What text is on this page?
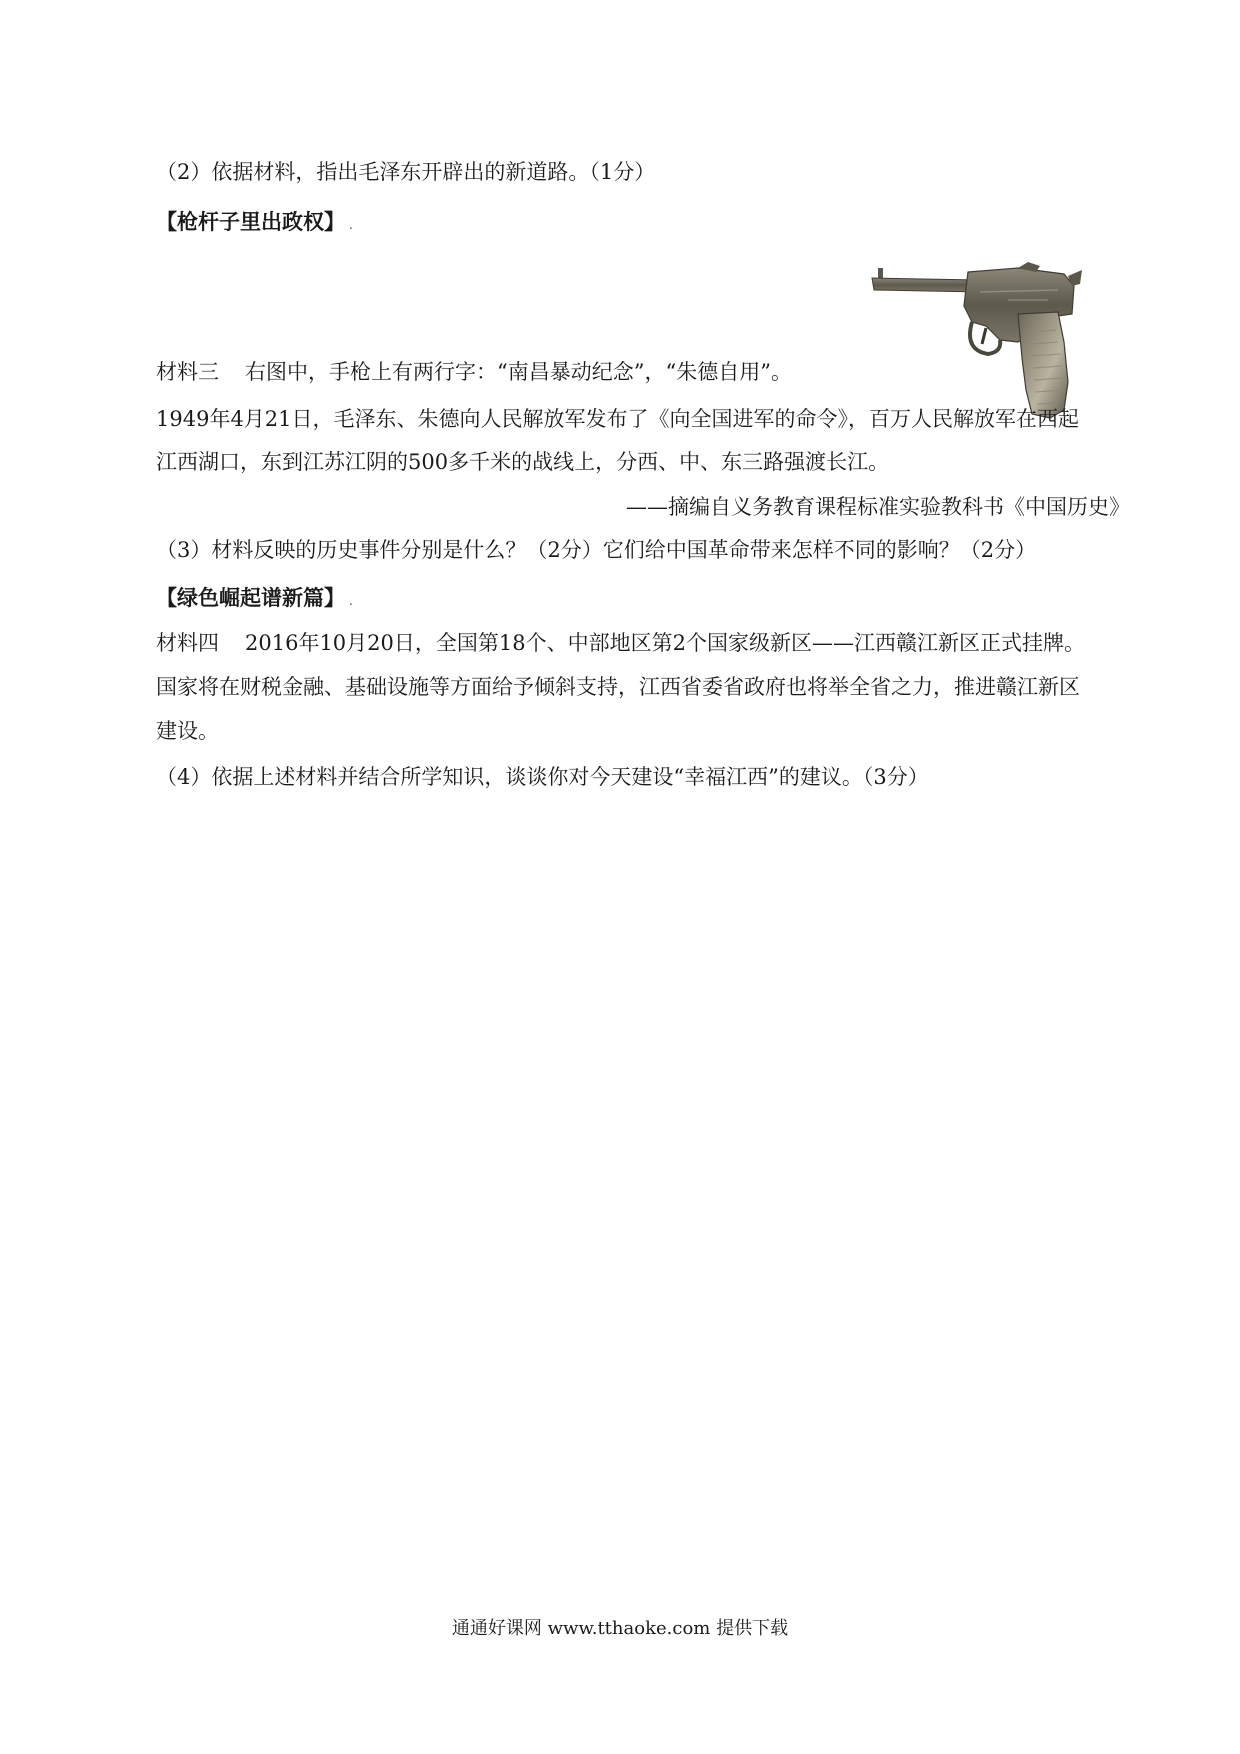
（2）依据材料，指出毛泽东开辟出的新道路。（1分）
【枪杆子里出政权】 .
材料三 右图中，手枪上有两行字：“南昌暴动纪念”，“朱德自用”。
1949年4月21日，毛泽东、朱德向人民解放军发布了《向全国进军的命令》，百万人民解放军在西起
江西湖口，东到江苏江阴的500多千米的战线上，分西、中、东三路强渡长江。
——摘编自义务教育课程标准实验教科书《中国历史》
（3）材料反映的历史事件分别是什么？（2分）它们给中国革命带来怎样不同的影响？（2分）
【绿色崛起谱新篇】 .
材料四 2016年10月20日，全国第18个、中部地区第2个国家级新区——江西赣江新区正式挂牌。
国家将在财税金融、基础设施等方面给予倾斜支持，江西省委省政府也将举全省之力，推进赣江新区
建设。
（4）依据上述材料并结合所学知识，谈谈你对今天建设“幸福江西”的建议。（3分）
通通好课网 www.tthaoke.com 提供下载
